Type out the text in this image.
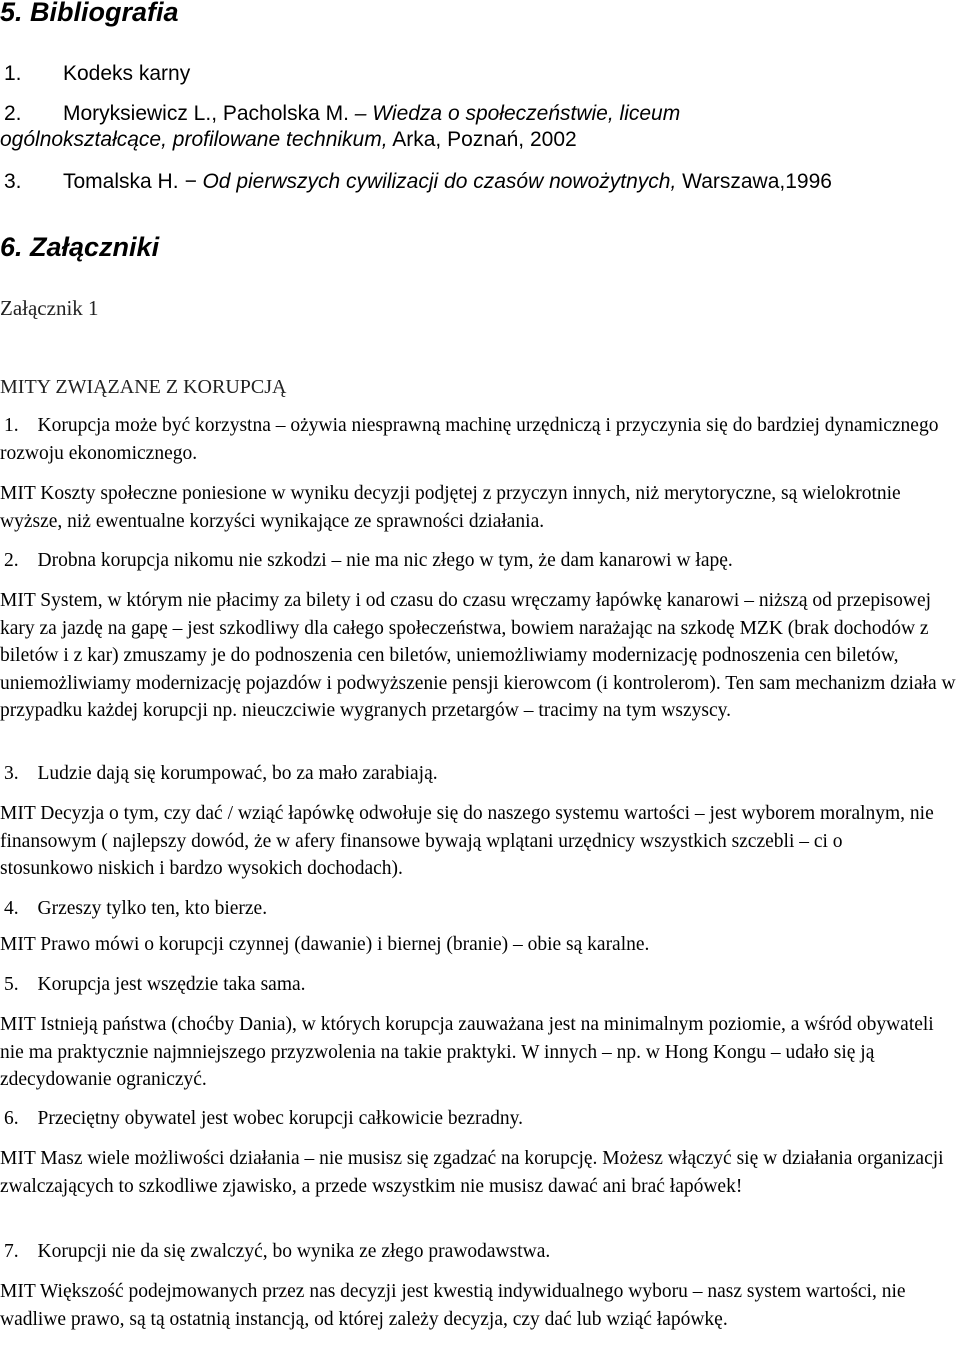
5. Bibliografia
1.	Kodeks karny
2. Moryksiewicz L., Pacholska M. – Wiedza o społeczeństwie, liceum ogólnokształcące, profilowane technikum, Arka, Poznań, 2002
3. Tomalska H. − Od pierwszych cywilizacji do czasów nowożytnych, Warszawa,1996
6. Załączniki
Załącznik 1
MITY ZWIĄZANE Z KORUPCJĄ
1. Korupcja może być korzystna – ożywia niesprawną machinę urzędniczą i przyczynia się do bardziej dynamicznego rozwoju ekonomicznego.

MIT Koszty społeczne poniesione w wyniku decyzji podjętej z przyczyn innych, niż merytoryczne, są wielokrotnie wyższe, niż ewentualne korzyści wynikające ze sprawności działania.

2. Drobna korupcja nikomu nie szkodzi – nie ma nic złego w tym, że dam kanarowi w łapę.

MIT System, w którym nie płacimy za bilety i od czasu do czasu wręczamy łapówkę kanarowi – niższą od przepisowej kary za jazdę na gapę – jest szkodliwy dla całego społeczeństwa, bowiem narażając na szkodę MZK (brak dochodów z biletów i z kar) zmuszamy je do podnoszenia cen biletów, uniemożliwiamy modernizację podnoszenia cen biletów, uniemożliwiamy modernizację pojazdów i podwyższenie pensji kierowcom (i kontrolerom). Ten sam mechanizm działa w przypadku każdej korupcji np. nieuczciwie wygranych przetargów – tracimy na tym wszyscy.

3. Ludzie dają się korumpować, bo za mało zarabiają.

MIT Decyzja o tym, czy dać / wziąć łapówkę odwołuje się do naszego systemu wartości – jest wyborem moralnym, nie finansowym ( najlepszy dowód, że w afery finansowe bywają wplątani urzędnicy wszystkich szczebli – ci o stosunkowo niskich i bardzo wysokich dochodach).

4. Grzeszy tylko ten, kto bierze.

MIT Prawo mówi o korupcji czynnej (dawanie) i biernej (branie) – obie są karalne.

5. Korupcja jest wszędzie taka sama.

MIT Istnieją państwa (choćby Dania), w których korupcja zauważana jest na minimalnym poziomie, a wśród obywateli nie ma praktycznie najmniejszego przyzwolenia na takie praktyki. W innych – np. w Hong Kongu – udało się ją zdecydowanie ograniczyć.

6. Przeciętny obywatel jest wobec korupcji całkowicie bezradny.

MIT Masz wiele możliwości działania – nie musisz się zgadzać na korupcję. Możesz włączyć się w działania organizacji zwalczających to szkodliwe zjawisko, a przede wszystkim nie musisz dawać ani brać łapówek!

7. Korupcji nie da się zwalczyć, bo wynika ze złego prawodawstwa.

MIT Większość podejmowanych przez nas decyzji jest kwestią indywidualnego wyboru – nasz system wartości, nie wadliwe prawo, są tą ostatnią instancją, od której zależy decyzja, czy dać lub wziąć łapówkę.
